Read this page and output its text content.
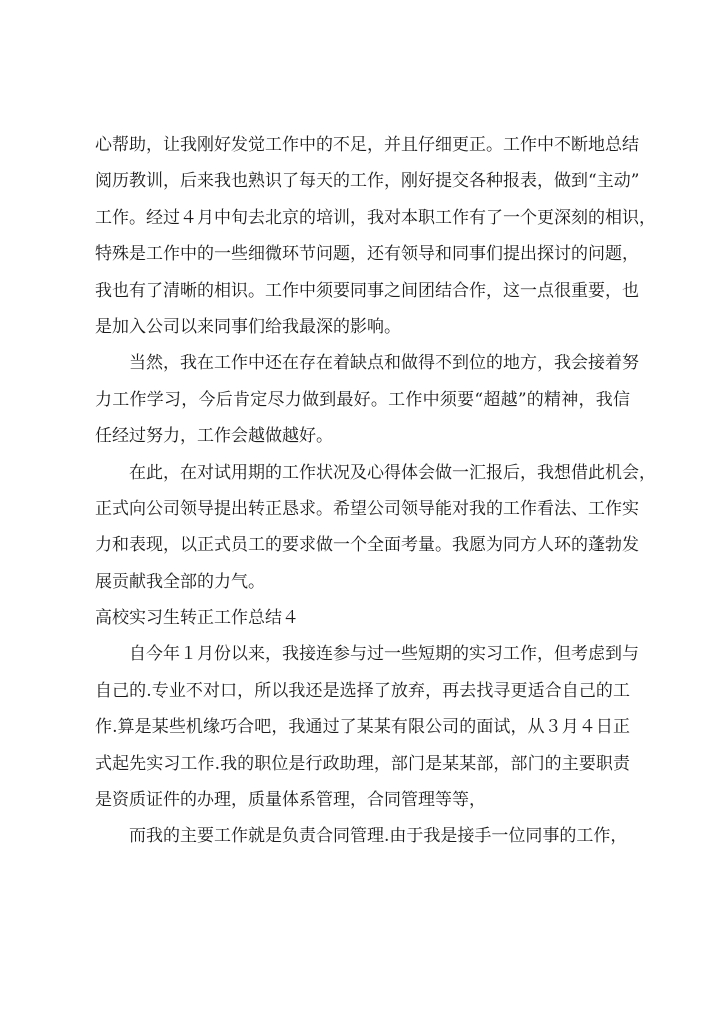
心帮助，让我刚好发觉工作中的不足，并且仔细更正。工作中不断地总结
阅历教训，后来我也熟识了每天的工作，刚好提交各种报表，做到“主动”
工作。经过４月中旬去北京的培训，我对本职工作有了一个更深刻的相识，
特殊是工作中的一些细微环节问题，还有领导和同事们提出探讨的问题，
我也有了清晰的相识。工作中须要同事之间团结合作，这一点很重要，也
是加入公司以来同事们给我最深的影响。
当然，我在工作中还在存在着缺点和做得不到位的地方，我会接着努
力工作学习，今后肯定尽力做到最好。工作中须要“超越”的精神，我信
任经过努力，工作会越做越好。
在此，在对试用期的工作状况及心得体会做一汇报后，我想借此机会，
正式向公司领导提出转正恳求。希望公司领导能对我的工作看法、工作实
力和表现，以正式员工的要求做一个全面考量。我愿为同方人环的蓬勃发
展贡献我全部的力气。
高校实习生转正工作总结４
自今年１月份以来，我接连参与过一些短期的实习工作，但考虑到与
自己的.专业不对口，所以我还是选择了放弃，再去找寻更适合自己的工
作.算是某些机缘巧合吧，我通过了某某有限公司的面试，从３月４日正
式起先实习工作.我的职位是行政助理，部门是某某部，部门的主要职责
是资质证件的办理，质量体系管理，合同管理等等，
而我的主要工作就是负责合同管理.由于我是接手一位同事的工作，
